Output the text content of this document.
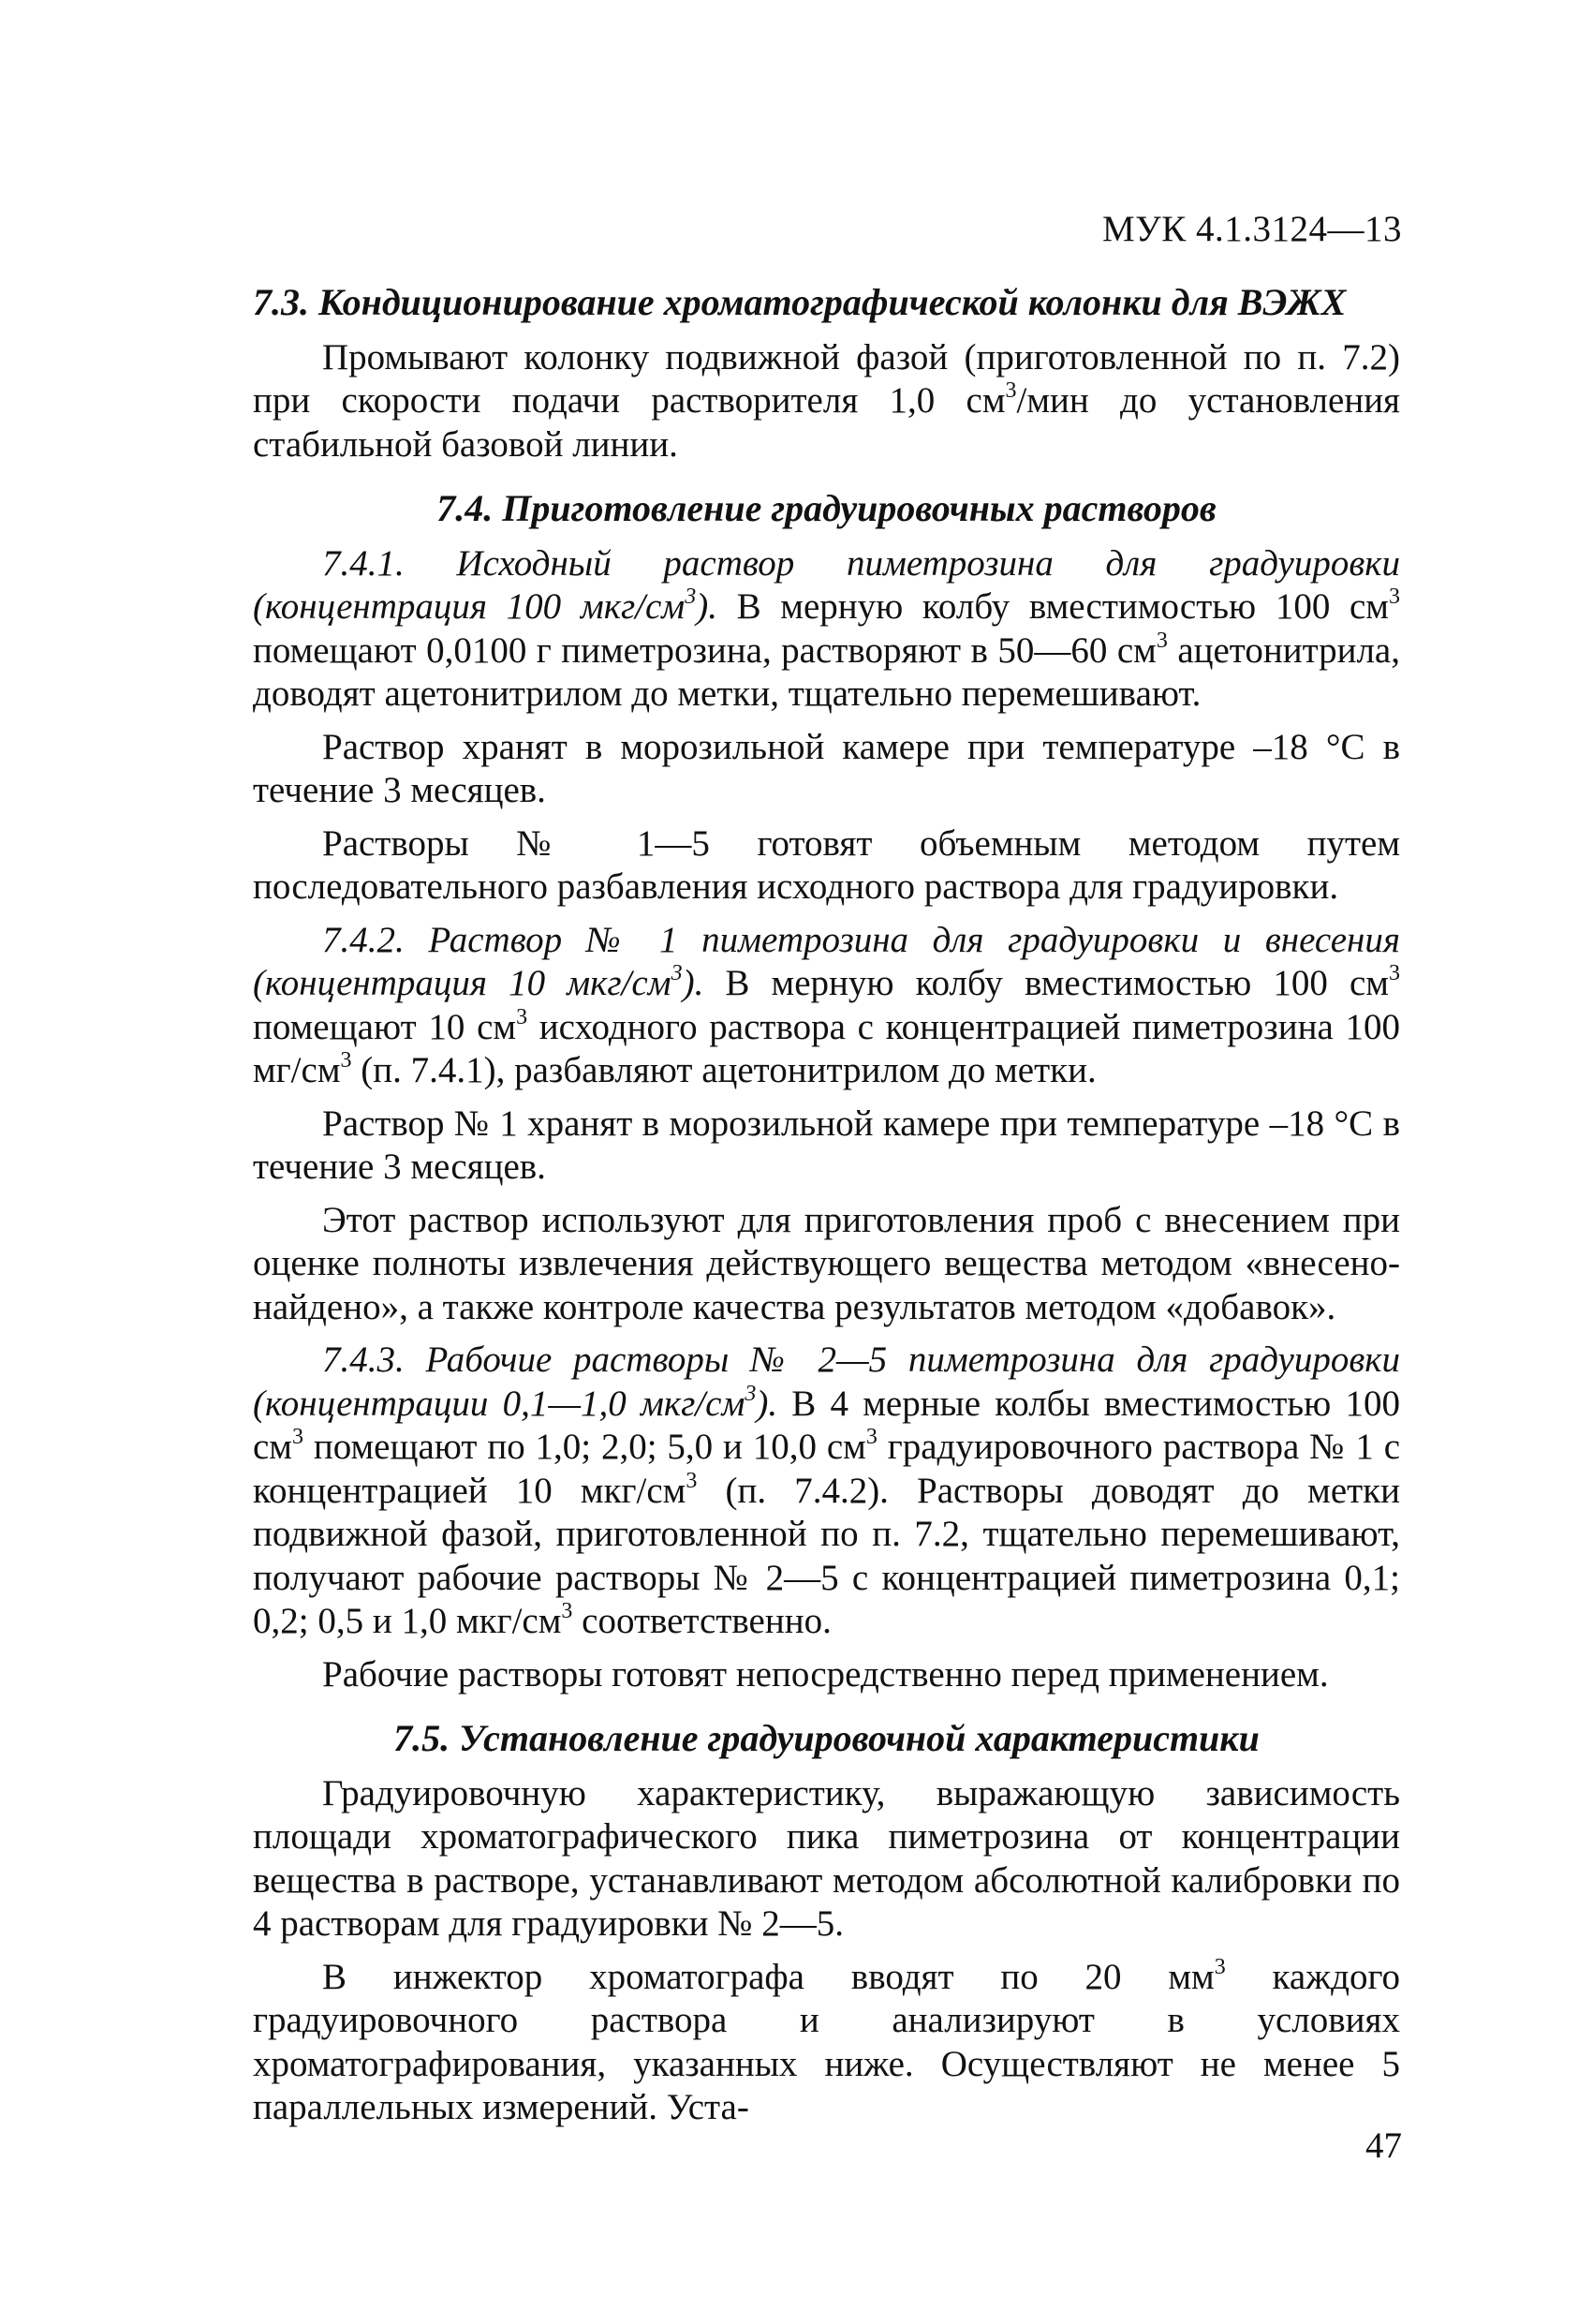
МУК 4.1.3124—13
7.3. Кондиционирование хроматографической колонки для ВЭЖХ
Промывают колонку подвижной фазой (приготовленной по п. 7.2) при скорости подачи растворителя 1,0 $см^3$/мин до установления стабильной базовой линии.
7.4. Приготовление градуировочных растворов
7.4.1. Исходный раствор пиметрозина для градуировки (концентрация 100 мкг/$см^3$). В мерную колбу вместимостью 100 $см^3$ помещают 0,0100 г пиметрозина, растворяют в 50—60 $см^3$ ацетонитрила, доводят ацетонитрилом до метки, тщательно перемешивают.
Раствор хранят в морозильной камере при температуре –18 °С в течение 3 месяцев.
Растворы № 1—5 готовят объемным методом путем последовательного разбавления исходного раствора для градуировки.
7.4.2. Раствор № 1 пиметрозина для градуировки и внесения (концентрация 10 мкг/$см^3$). В мерную колбу вместимостью 100 $см^3$ помещают 10 $см^3$ исходного раствора с концентрацией пиметрозина 100 $мг/см^3$ (п. 7.4.1), разбавляют ацетонитрилом до метки.
Раствор № 1 хранят в морозильной камере при температуре –18 °С в течение 3 месяцев.
Этот раствор используют для приготовления проб с внесением при оценке полноты извлечения действующего вещества методом «внесено-найдено», а также контроле качества результатов методом «добавок».
7.4.3. Рабочие растворы № 2—5 пиметрозина для градуировки (концентрации 0,1—1,0 мкг/$см^3$). В 4 мерные колбы вместимостью 100 $см^3$ помещают по 1,0; 2,0; 5,0 и 10,0 $см^3$ градуировочного раствора № 1 с концентрацией 10 мкг/$см^3$ (п. 7.4.2). Растворы доводят до метки подвижной фазой, приготовленной по п. 7.2, тщательно перемешивают, получают рабочие растворы № 2—5 с концентрацией пиметрозина 0,1; 0,2; 0,5 и 1,0 мкг/$см^3$ соответственно.
Рабочие растворы готовят непосредственно перед применением.
7.5. Установление градуировочной характеристики
Градуировочную характеристику, выражающую зависимость площади хроматографического пика пиметрозина от концентрации вещества в растворе, устанавливают методом абсолютной калибровки по 4 растворам для градуировки № 2—5.
В инжектор хроматографа вводят по 20 $мм^3$ каждого градуировочного раствора и анализируют в условиях хроматографирования, указанных ниже. Осуществляют не менее 5 параллельных измерений. Уста-
47
